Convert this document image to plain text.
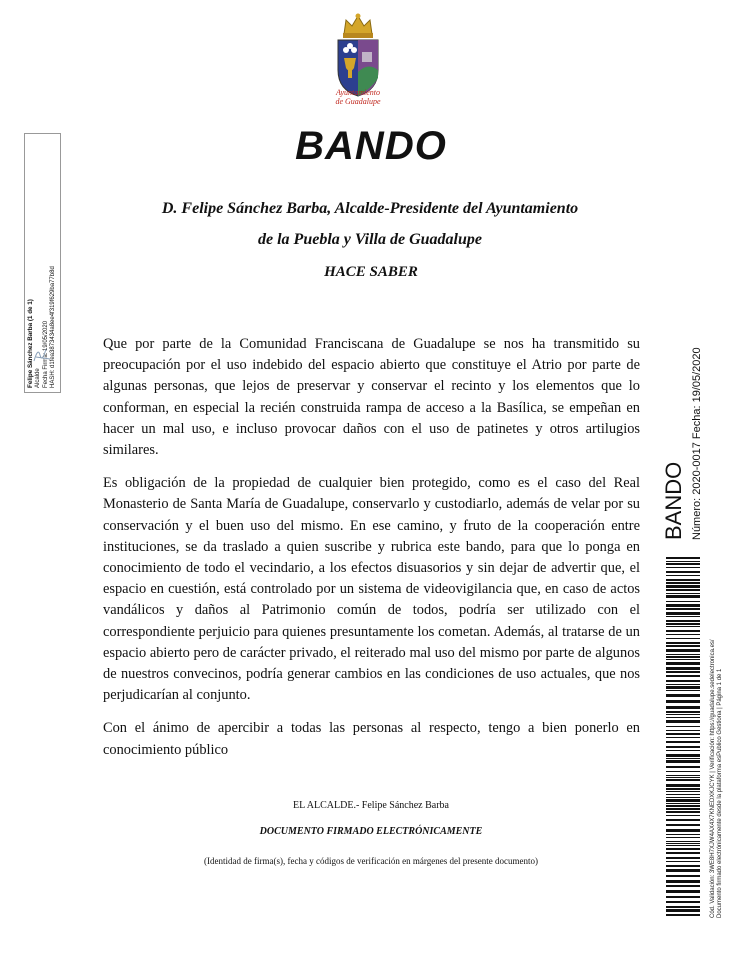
Ayuntamiento
de Guadalupe
BANDO
D. Felipe Sánchez Barba, Alcalde-Presidente del Ayuntamiento
de la Puebla y Villa de Guadalupe
HACE SABER

Que por parte de la Comunidad Franciscana de Guadalupe se nos ha transmitido su preocupación por el uso indebido del espacio abierto que constituye el Atrio por parte de algunas personas, que lejos de preservar y conservar el recinto y los elementos que lo conforman, en especial la recién construida rampa de acceso a la Basílica, se empeñan en hacer un mal uso, e incluso provocar daños con el uso de patinetes y otros artilugios similares.

Es obligación de la propiedad de cualquier bien protegido, como es el caso del Real Monasterio de Santa María de Guadalupe, conservarlo y custodiarlo, además de velar por su conservación y el buen uso del mismo. En ese camino, y fruto de la cooperación entre instituciones, se da traslado a quien suscribe y rubrica este bando, para que lo ponga en conocimiento de todo el vecindario, a los efectos disuasorios y sin dejar de advertir que, el espacio en cuestión, está controlado por un sistema de videovigilancia que, en caso de actos vandálicos y daños al Patrimonio común de todos, podría ser utilizado con el correspondiente perjuicio para quienes presuntamente los cometan. Además, al tratarse de un espacio abierto pero de carácter privado, el reiterado mal uso del mismo por parte de algunos de nuestros convecinos, podría generar cambios en las condiciones de uso actuales, que nos perjudicarían al conjunto.

Con el ánimo de apercibir a todas las personas al respecto, tengo a bien ponerlo en conocimiento público

EL ALCALDE.- Felipe Sánchez Barba
DOCUMENTO FIRMADO ELECTRÓNICAMENTE
(Identidad de firma(s), fecha y códigos de verificación en márgenes del presente documento)
Felipe Sánchez Barba (1 de 1) Alcalde Fecha Firma: 19/05/2020 HASH: d1fea3873434a8ee4f319f629ba77b8d
BANDO Número: 2020-0017 Fecha: 19/05/2020
Cód. Validación: 3WE8H7XJW4AX4X7KNEDXKJCYK | Verificación: https://guadalupe.sedelectronica.es/ Documento firmado electrónicamente desde la plataforma esPublico Gestiona | Página 1 de 1
